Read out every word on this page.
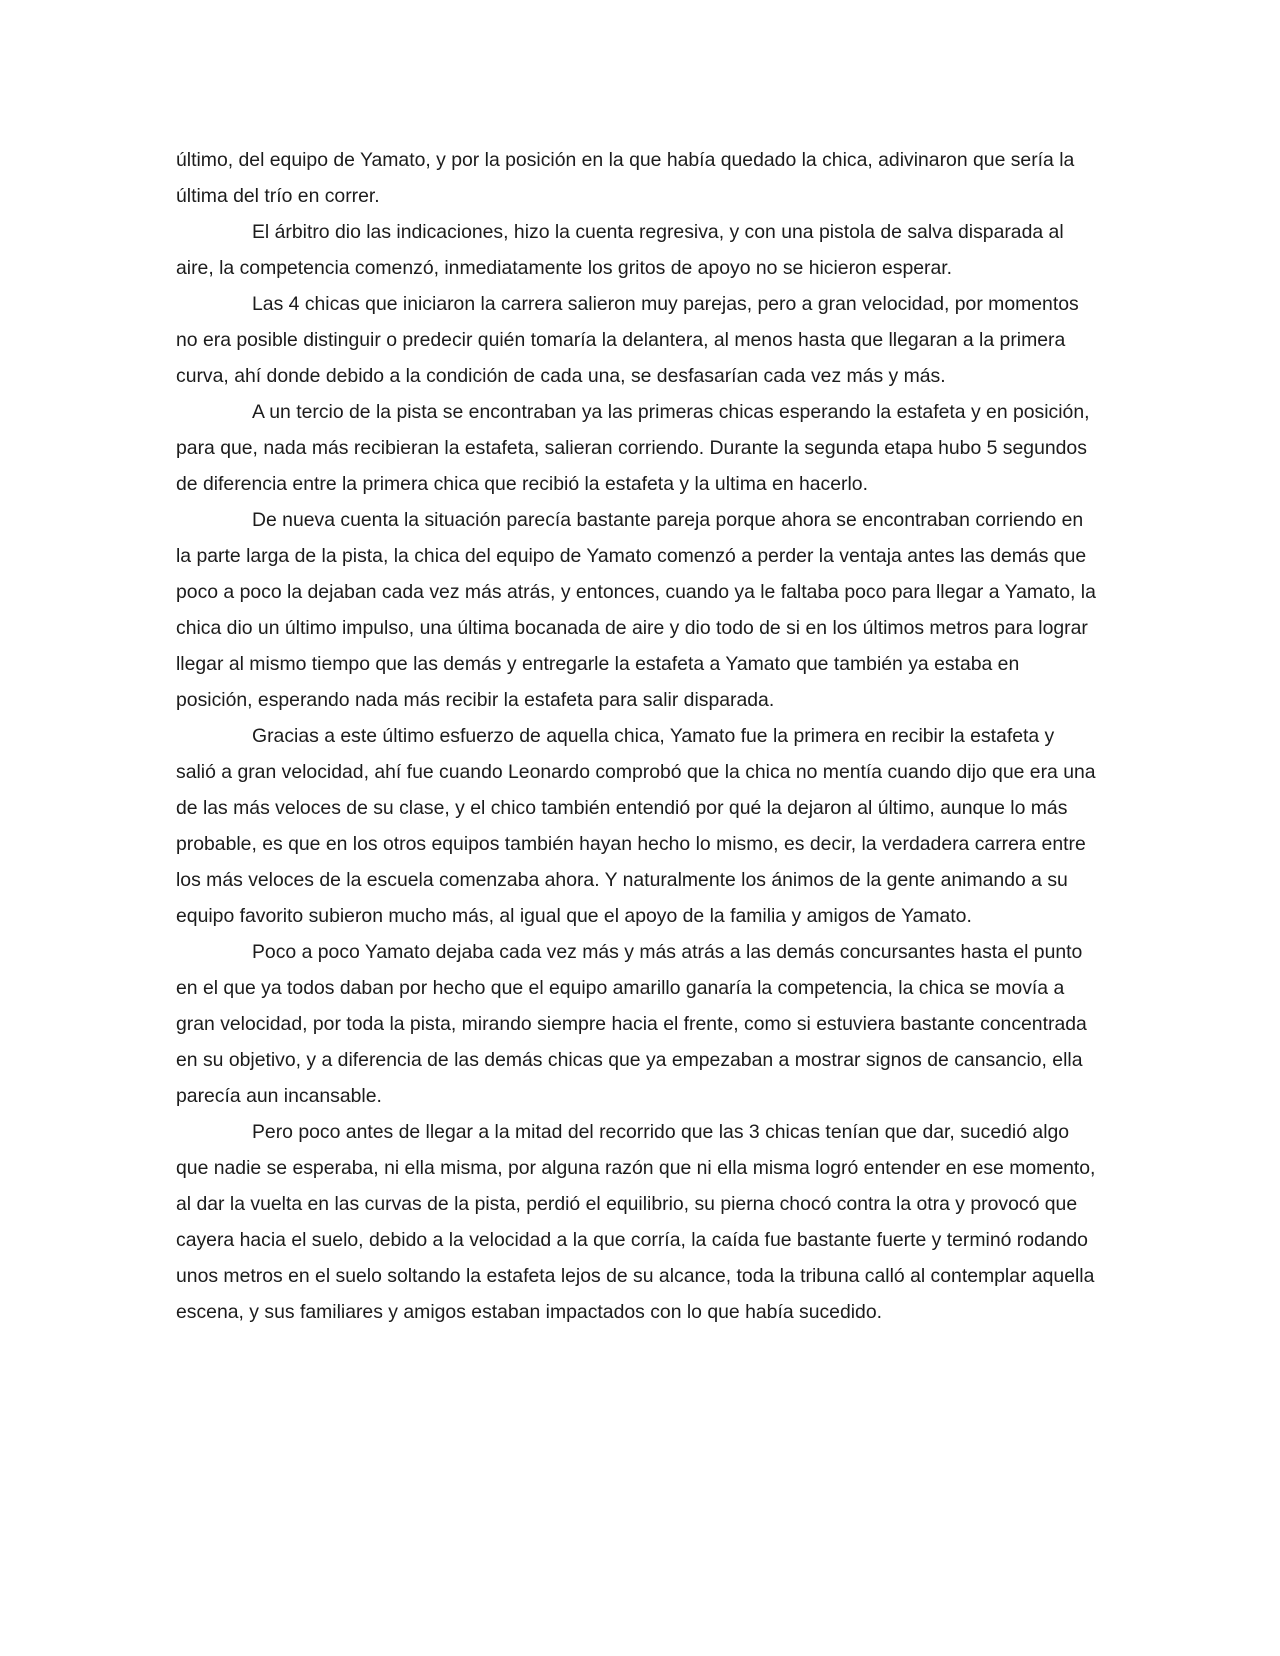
último, del equipo de Yamato, y por la posición en la que había quedado la chica, adivinaron que sería la última del trío en correr.

El árbitro dio las indicaciones, hizo la cuenta regresiva, y con una pistola de salva disparada al aire, la competencia comenzó, inmediatamente los gritos de apoyo no se hicieron esperar.

Las 4 chicas que iniciaron la carrera salieron muy parejas, pero a gran velocidad, por momentos no era posible distinguir o predecir quién tomaría la delantera, al menos hasta que llegaran a la primera curva, ahí donde debido a la condición de cada una, se desfasarían cada vez más y más.

A un tercio de la pista se encontraban ya las primeras chicas esperando la estafeta y en posición, para que, nada más recibieran la estafeta, salieran corriendo. Durante la segunda etapa hubo 5 segundos de diferencia entre la primera chica que recibió la estafeta y la ultima en hacerlo.

De nueva cuenta la situación parecía bastante pareja porque ahora se encontraban corriendo en la parte larga de la pista, la chica del equipo de Yamato comenzó a perder la ventaja antes las demás que poco a poco la dejaban cada vez más atrás, y entonces, cuando ya le faltaba poco para llegar a Yamato, la chica dio un último impulso, una última bocanada de aire y dio todo de si en los últimos metros para lograr llegar al mismo tiempo que las demás y entregarle la estafeta a Yamato que también ya estaba en posición, esperando nada más recibir la estafeta para salir disparada.

Gracias a este último esfuerzo de aquella chica, Yamato fue la primera en recibir la estafeta y salió a gran velocidad, ahí fue cuando Leonardo comprobó que la chica no mentía cuando dijo que era una de las más veloces de su clase, y el chico también entendió por qué la dejaron al último, aunque lo más probable, es que en los otros equipos también hayan hecho lo mismo, es decir, la verdadera carrera entre los más veloces de la escuela comenzaba ahora. Y naturalmente los ánimos de la gente animando a su equipo favorito subieron mucho más, al igual que el apoyo de la familia y amigos de Yamato.

Poco a poco Yamato dejaba cada vez más y más atrás a las demás concursantes hasta el punto en el que ya todos daban por hecho que el equipo amarillo ganaría la competencia, la chica se movía a gran velocidad, por toda la pista, mirando siempre hacia el frente, como si estuviera bastante concentrada en su objetivo, y a diferencia de las demás chicas que ya empezaban a mostrar signos de cansancio, ella parecía aun incansable.

Pero poco antes de llegar a la mitad del recorrido que las 3 chicas tenían que dar, sucedió algo que nadie se esperaba, ni ella misma, por alguna razón que ni ella misma logró entender en ese momento, al dar la vuelta en las curvas de la pista, perdió el equilibrio, su pierna chocó contra la otra y provocó que cayera hacia el suelo, debido a la velocidad a la que corría, la caída fue bastante fuerte y terminó rodando unos metros en el suelo soltando la estafeta lejos de su alcance, toda la tribuna calló al contemplar aquella escena, y sus familiares y amigos estaban impactados con lo que había sucedido.
